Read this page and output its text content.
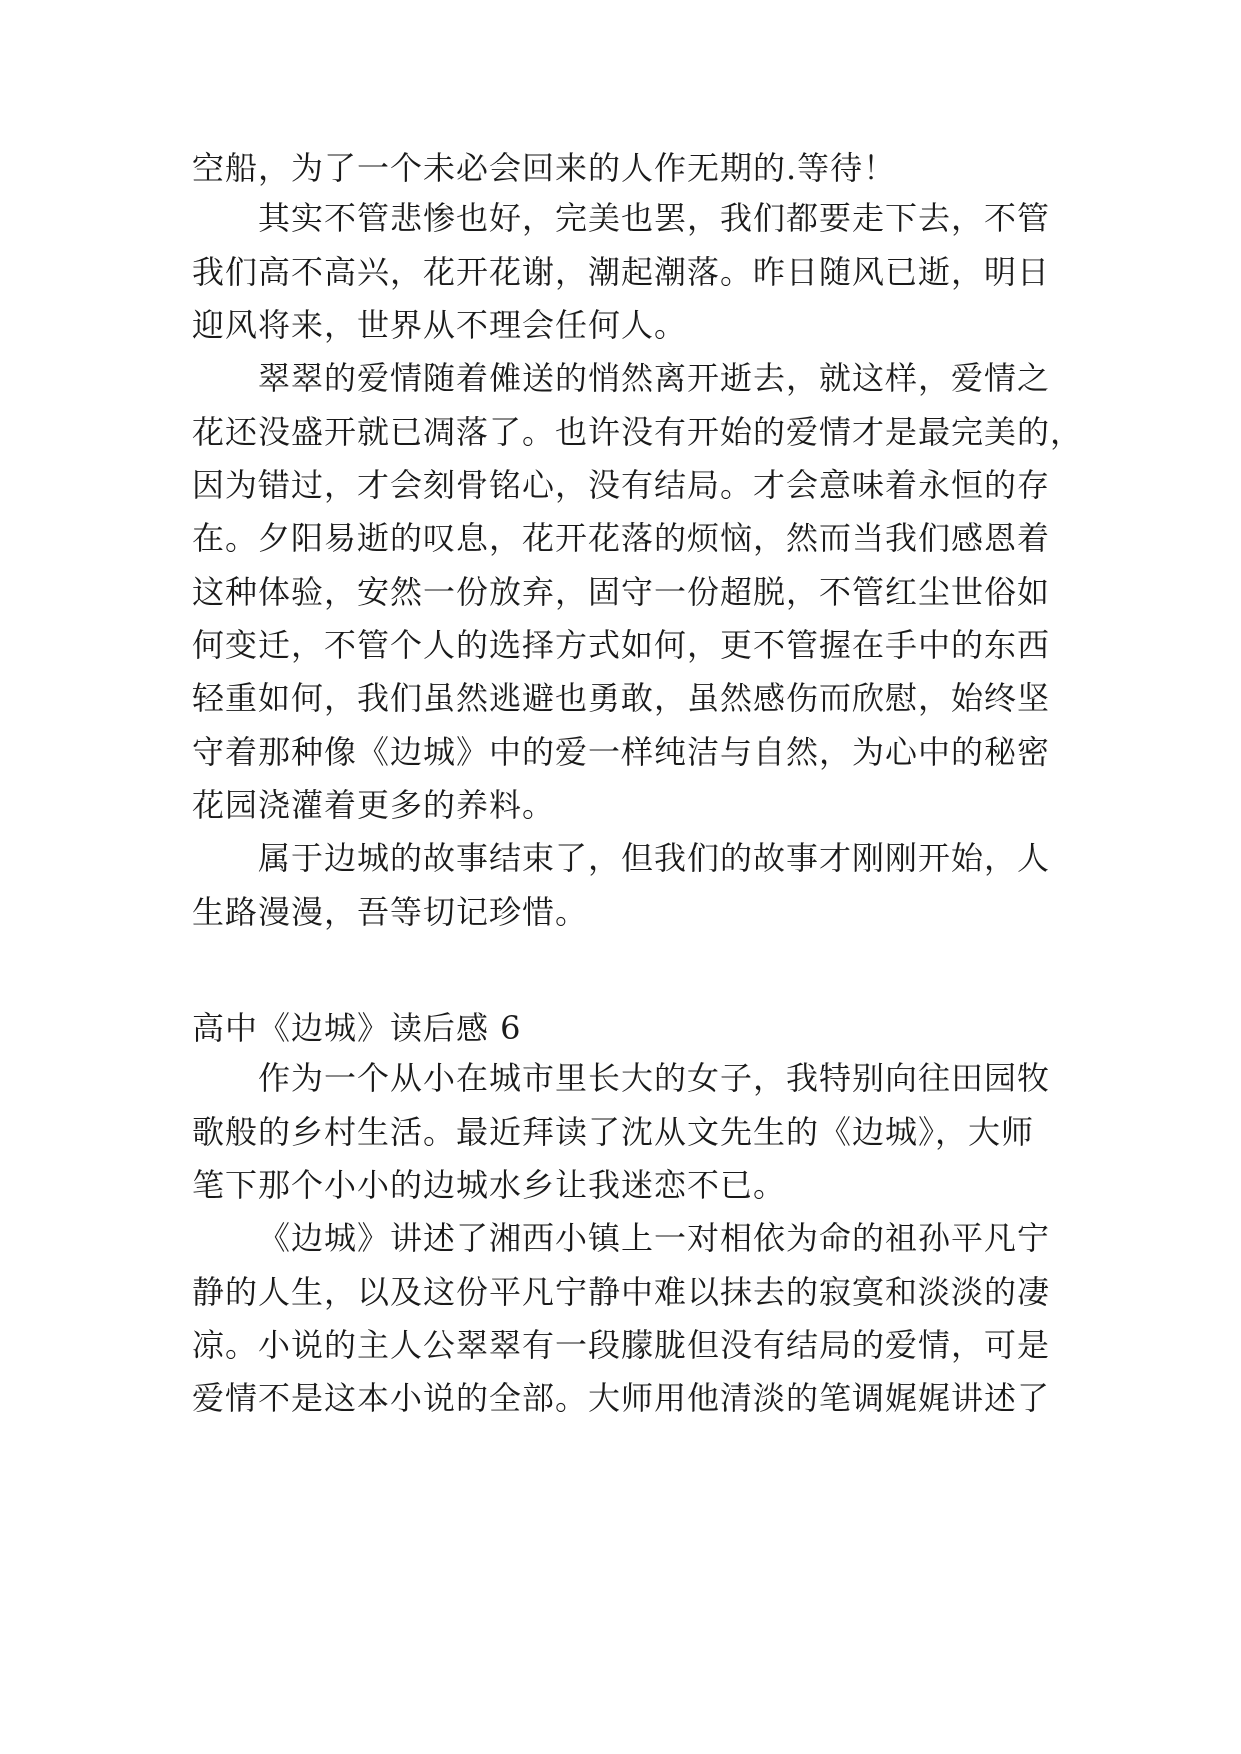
空船，为了一个未必会回来的人作无期的.等待！
其实不管悲惨也好，完美也罢，我们都要走下去，不管
我们高不高兴，花开花谢，潮起潮落。昨日随风已逝，明日
迎风将来，世界从不理会任何人。
翠翠的爱情随着傩送的悄然离开逝去，就这样，爱情之
花还没盛开就已凋落了。也许没有开始的爱情才是最完美的，
因为错过，才会刻骨铭心，没有结局。才会意味着永恒的存
在。夕阳易逝的叹息，花开花落的烦恼，然而当我们感恩着
这种体验，安然一份放弃，固守一份超脱，不管红尘世俗如
何变迁，不管个人的选择方式如何，更不管握在手中的东西
轻重如何，我们虽然逃避也勇敢，虽然感伤而欣慰，始终坚
守着那种像《边城》中的爱一样纯洁与自然，为心中的秘密
花园浇灌着更多的养料。
属于边城的故事结束了，但我们的故事才刚刚开始，人
生路漫漫，吾等切记珍惜。
高中《边城》读后感 6
作为一个从小在城市里长大的女子，我特别向往田园牧
歌般的乡村生活。最近拜读了沈从文先生的《边城》，大师
笔下那个小小的边城水乡让我迷恋不已。
《边城》讲述了湘西小镇上一对相依为命的祖孙平凡宁
静的人生，以及这份平凡宁静中难以抹去的寂寞和淡淡的凄
凉。小说的主人公翠翠有一段朦胧但没有结局的爱情，可是
爱情不是这本小说的全部。大师用他清淡的笔调娓娓讲述了
